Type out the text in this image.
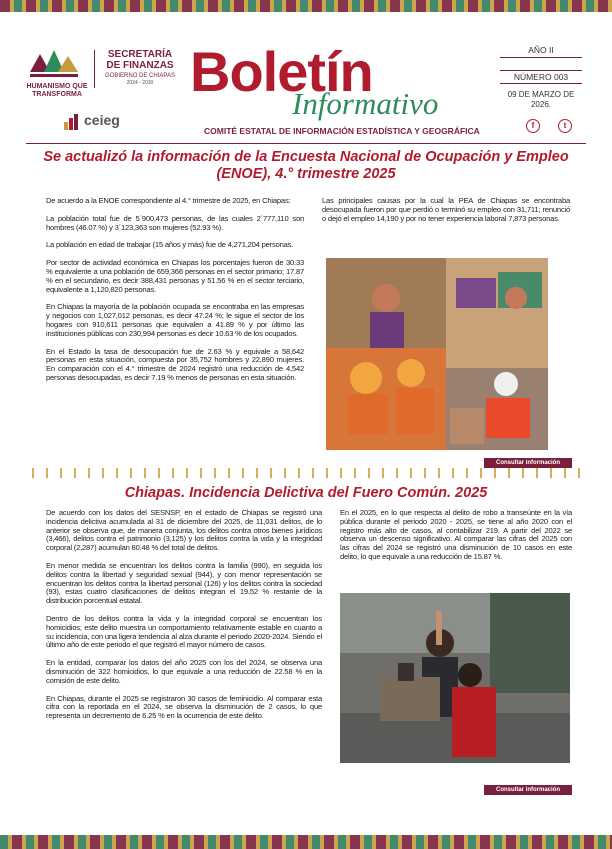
HUMANISMO QUE TRANSFORMA
SECRETARÍA DE FINANZAS
GOBIERNO DE CHIAPAS
2024 - 2030
ceieg
Boletín
Informativo
COMITÉ ESTATAL DE INFORMACIÓN ESTADÍSTICA Y GEOGRÁFICA
AÑO II
NÚMERO 003
09 DE MARZO DE 2026.
f	t
Se actualizó la información de la Encuesta Nacional de Ocupación y Empleo (ENOE), 4.° trimestre 2025

De acuerdo a la ENOE correspondiente al 4.° trimestre de 2025, en Chiapas:

La población total fue de 5´900,473 personas, de las cuales 2´777,110 son hombres (46.07 %) y 3´123,363 son mujeres (52.93 %).

La población en edad de trabajar (15 años y más) fue de 4,271,204 personas.

Por sector de actividad económica en Chiapas los porcentajes fueron de 30.33 % equivalente a una población de 659,366 personas en el sector primario; 17.87 % en el secundario, es decir 388,431 personas y 51.56 % en el sector terciario, equivalente a 1,120,820 personas.

En Chiapas la mayoría de la población ocupada se encontraba en las empresas y negocios con 1,027,012 personas, es decir 47.24 %; le sigue el sector de los hogares con 910,611 personas que equivalen a 41.89 % y por último las instituciones públicas con 230,994 personas es decir 10.63 % de los ocupados.

En el Estado la tasa de desocupación fue de 2.63 % y equivale a 58,642 personas en esta situación, compuesta por 35,752 hombres y 22,890 mujeres. En comparación con el 4.° trimestre de 2024 registró una reducción de 4,542 personas desocupadas, es decir 7.19 % menos de personas en esta situación.

Las principales causas por la cual la PEA de Chiapas se encontraba desocupada fueron por que perdió o terminó su empleo con 31,711; renunció o dejó el empleo 14,190 y por no tener experiencia laboral 7,873 personas.

Consultar información
Chiapas. Incidencia Delictiva del Fuero Común. 2025

De acuerdo con los datos del SESNSP, en el estado de Chiapas se registró una incidencia delictiva acumulada al 31 de diciembre del 2025, de 11,031 delitos, de lo anterior se observa que, de manera conjunta, los delitos contra otros bienes jurídicos (3,466), delitos contra el patrimonio (3,125) y los delitos contra la vida y la integridad corporal (2,287) acumulan 80.48 % del total de delitos.

En menor medida se encuentran los delitos contra la familia (990), en seguida los delitos contra la libertad y seguridad sexual (944), y con menor representación se encuentran los delitos contra la libertad personal (126) y los delitos contra la sociedad (93), estas cuatro clasificaciones de delitos integran el 19.52 % restante de la distribución porcentual estatal.

Dentro de los delitos contra la vida y la integridad corporal se encuentran los homicidios; este delito muestra un comportamiento relativamente estable en cuanto a su incidencia, con una ligera tendencia al alza durante el periodo 2020-2024. Siendo el último año de este periodo el que registró el mayor número de casos.

En la entidad, comparar los datos del año 2025 con los del 2024, se observa una disminución de 322 homicidios, lo que equivale a una reducción de 22.58 % en la comisión de este delito.

En Chiapas, durante el 2025 se registraron 30 casos de feminicidio. Al comparar esta cifra con la reportada en el 2024, se observa la disminución de 2 casos, lo que representa un decremento de 6.25 % en la ocurrencia de este delito.

En el 2025, en lo que respecta al delito de robo a transeúnte en la vía pública durante el periodo 2020 - 2025, se tiene al año 2020 con el registro más alto de casos, al contabilizar 219. A partir del 2022 se observa un descenso significativo. Al comparar las cifras del 2025 con las cifras del 2024 se registró una disminución de 10 casos en este delito, lo que equivale a una reducción de 15.87 %.

Consultar información
